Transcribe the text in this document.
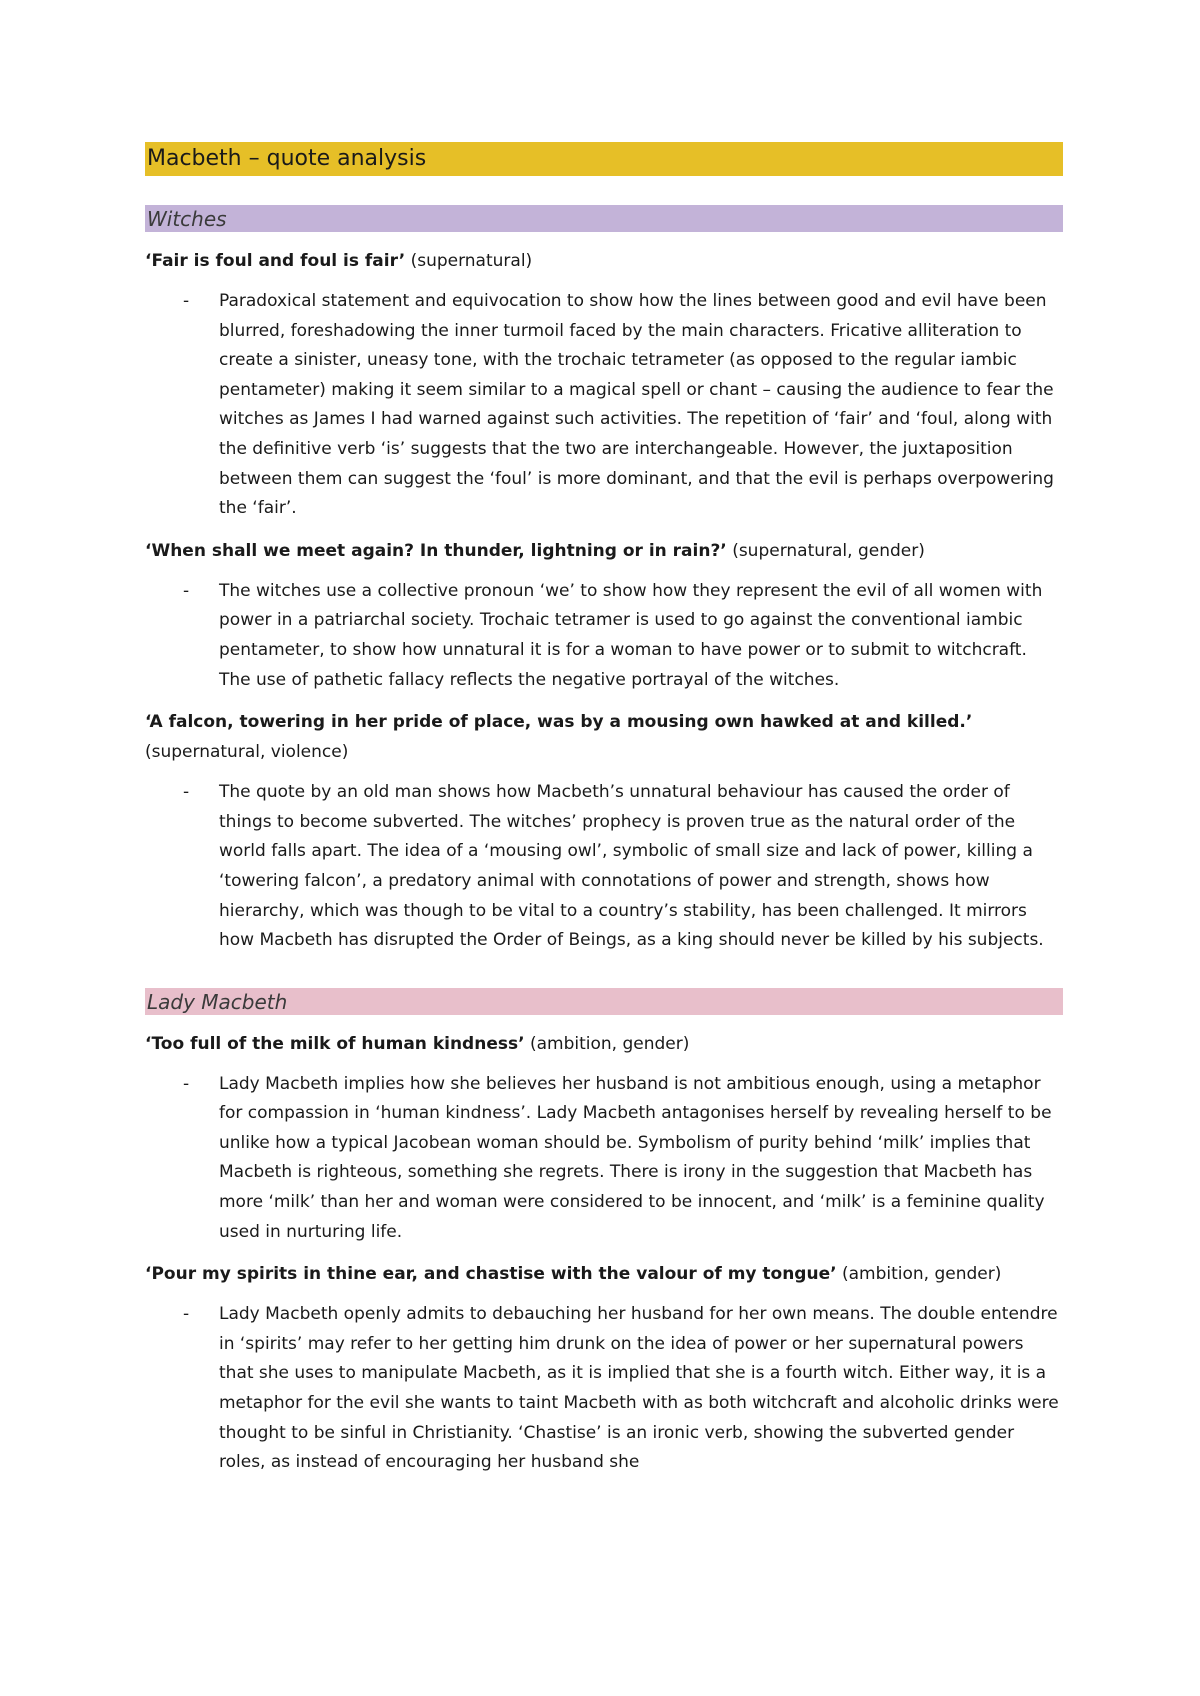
Macbeth – quote analysis
Witches

‘Fair is foul and foul is fair’ (supernatural)

- Paradoxical statement and equivocation to show how the lines between good and evil have been blurred, foreshadowing the inner turmoil faced by the main characters. Fricative alliteration to create a sinister, uneasy tone, with the trochaic tetrameter (as opposed to the regular iambic pentameter) making it seem similar to a magical spell or chant – causing the audience to fear the witches as James I had warned against such activities. The repetition of ‘fair’ and ‘foul, along with the definitive verb ‘is’ suggests that the two are interchangeable. However, the juxtaposition between them can suggest the ‘foul’ is more dominant, and that the evil is perhaps overpowering the ‘fair’.

‘When shall we meet again? In thunder, lightning or in rain?’ (supernatural, gender)

- The witches use a collective pronoun ‘we’ to show how they represent the evil of all women with power in a patriarchal society. Trochaic tetramer is used to go against the conventional iambic pentameter, to show how unnatural it is for a woman to have power or to submit to witchcraft. The use of pathetic fallacy reflects the negative portrayal of the witches.

‘A falcon, towering in her pride of place, was by a mousing own hawked at and killed.’ (supernatural, violence)

- The quote by an old man shows how Macbeth’s unnatural behaviour has caused the order of things to become subverted. The witches’ prophecy is proven true as the natural order of the world falls apart. The idea of a ‘mousing owl’, symbolic of small size and lack of power, killing a ‘towering falcon’, a predatory animal with connotations of power and strength, shows how hierarchy, which was though to be vital to a country’s stability, has been challenged. It mirrors how Macbeth has disrupted the Order of Beings, as a king should never be killed by his subjects.
Lady Macbeth

‘Too full of the milk of human kindness’ (ambition, gender)

- Lady Macbeth implies how she believes her husband is not ambitious enough, using a metaphor for compassion in ‘human kindness’. Lady Macbeth antagonises herself by revealing herself to be unlike how a typical Jacobean woman should be. Symbolism of purity behind ‘milk’ implies that Macbeth is righteous, something she regrets. There is irony in the suggestion that Macbeth has more ‘milk’ than her and woman were considered to be innocent, and ‘milk’ is a feminine quality used in nurturing life.

‘Pour my spirits in thine ear, and chastise with the valour of my tongue’ (ambition, gender)

- Lady Macbeth openly admits to debauching her husband for her own means. The double entendre in ‘spirits’ may refer to her getting him drunk on the idea of power or her supernatural powers that she uses to manipulate Macbeth, as it is implied that she is a fourth witch. Either way, it is a metaphor for the evil she wants to taint Macbeth with as both witchcraft and alcoholic drinks were thought to be sinful in Christianity. ‘Chastise’ is an ironic verb, showing the subverted gender roles, as instead of encouraging her husband she
